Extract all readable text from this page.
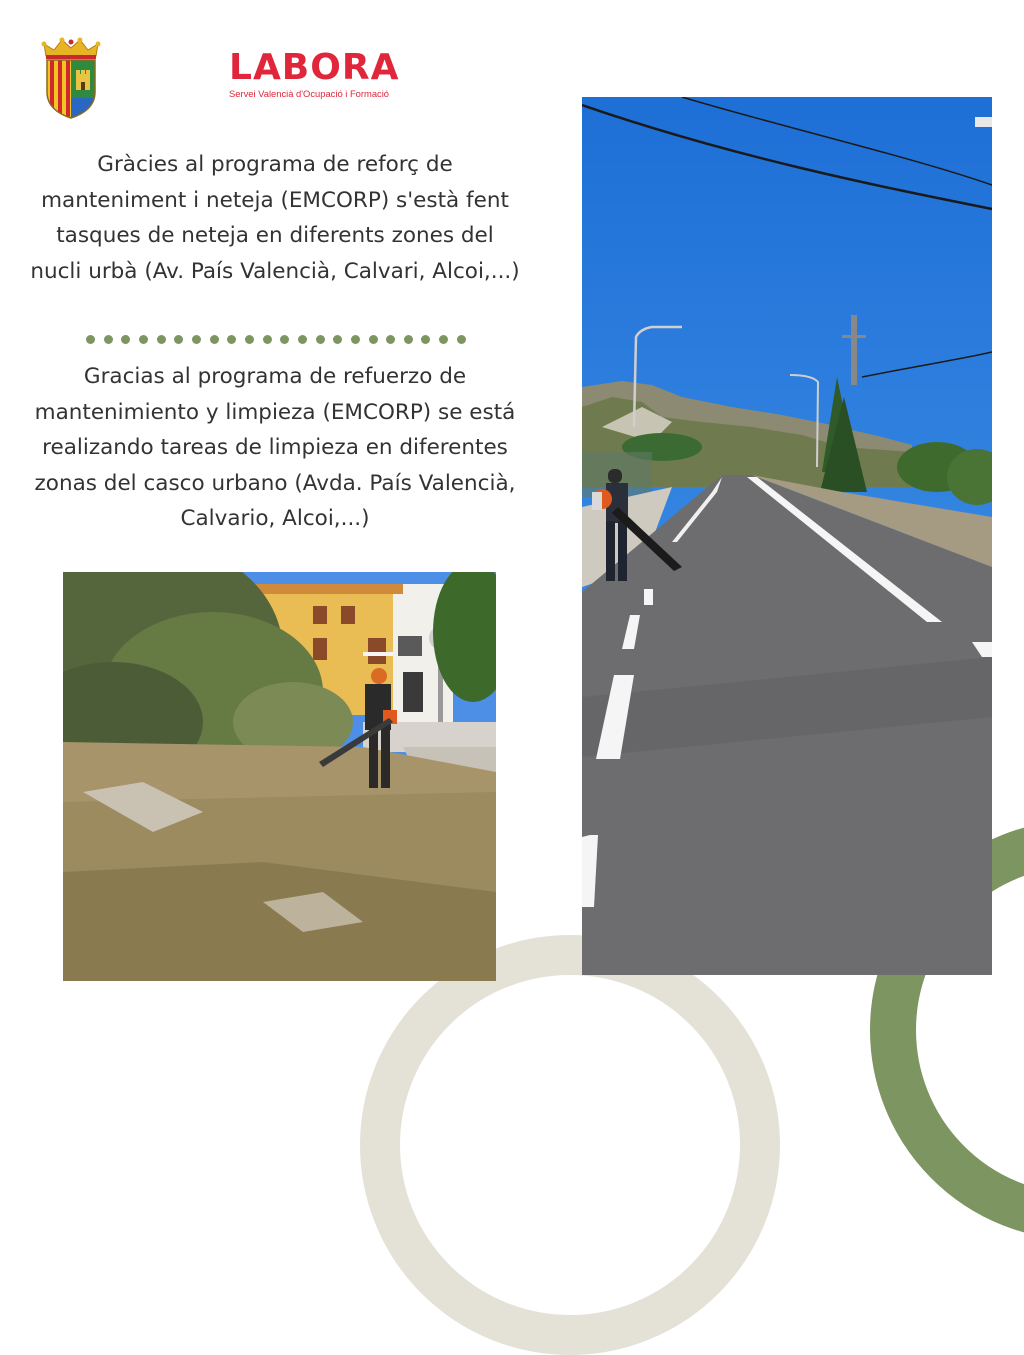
LABORA
Servei Valencià d'Ocupació i Formació

Gràcies al programa de reforç de manteniment i neteja (EMCORP) s'està fent tasques de neteja en diferents zones del nucli urbà (Av. País Valencià, Calvari, Alcoi,...)

Gracias al programa de refuerzo de mantenimiento y limpieza (EMCORP) se está realizando tareas de limpieza en diferentes zonas del casco urbano (Avda. País Valencià, Calvario, Alcoi,...)
